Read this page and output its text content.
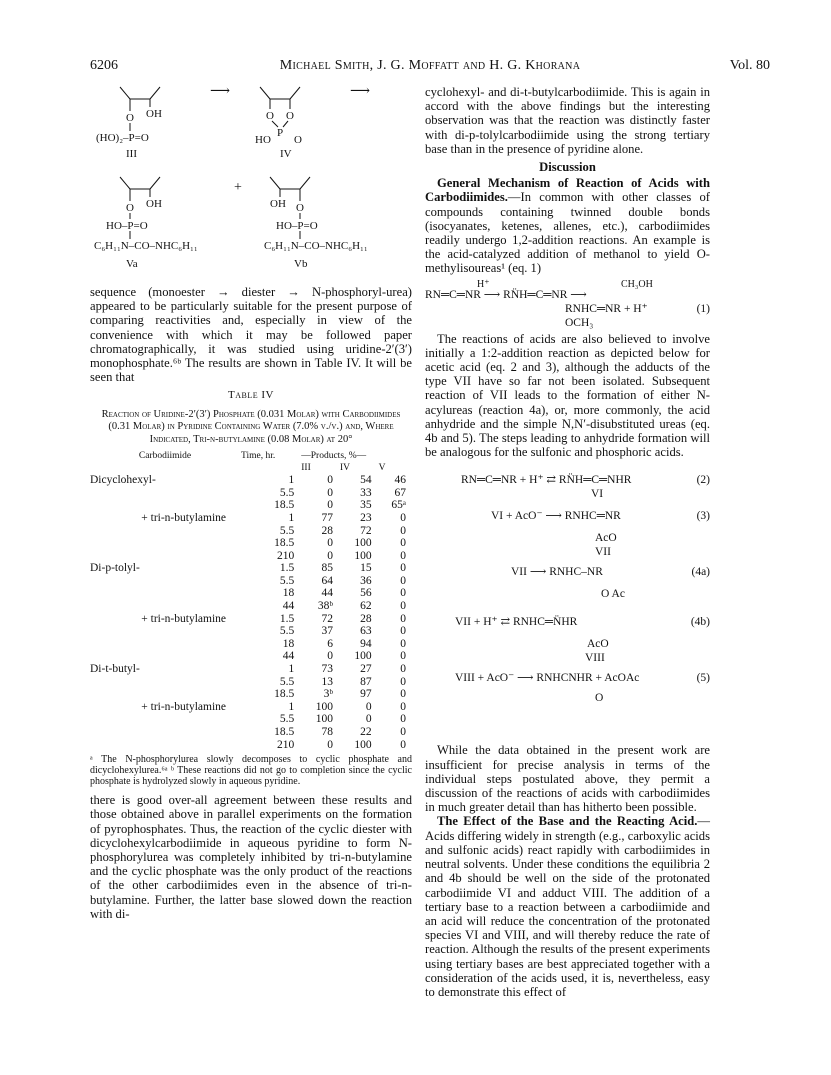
6206	Michael Smith, J. G. Moffatt and H. G. Khorana	Vol. 80
O OH
(HO)₂–P=O
III
⟶
O O
P
HO O
IV
⟶
+
O OH
HO–P=O
C₆H₁₁N–CO–NHC₆H₁₁
Va
OH O
HO–P=O
C₆H₁₁N–CO–NHC₆H₁₁
Vb

sequence (monoester → diester → N-phosphoryl-urea) appeared to be particularly suitable for the present purpose of comparing reactivities and, especially in view of the convenience with which it may be followed paper chromatographically, it was studied using uridine-2′(3′) monophosphate.⁶ᵇ The results are shown in Table IV. It will be seen that

Table IV
Reaction of Uridine-2′(3′) Phosphate (0.031 Molar) with Carbodiimides (0.31 Molar) in Pyridine Containing Water (7.0% v./v.) and, Where Indicated, Tri-n-butylamine (0.08 Molar) at 20°
Carbodiimide	Time, hr.	—Products, %—		
		III	IV	V
Dicyclohexyl-	1	0	54	46
	5.5	0	33	67
	18.5	0	35	65ᵃ
+ tri-n-butylamine	1	77	23	0
	5.5	28	72	0
	18.5	0	100	0
	210	0	100	0
Di-p-tolyl-	1.5	85	15	0
	5.5	64	36	0
	18	44	56	0
	44	38ᵇ	62	0
+ tri-n-butylamine	1.5	72	28	0
	5.5	37	63	0
	18	6	94	0
	44	0	100	0
Di-t-butyl-	1	73	27	0
	5.5	13	87	0
	18.5	3ᵇ	97	0
+ tri-n-butylamine	1	100	0	0
	5.5	100	0	0
	18.5	78	22	0
	210	0	100	0
ᵃ The N-phosphorylurea slowly decomposes to cyclic phosphate and dicyclohexylurea.⁶ᵃ ᵇ These reactions did not go to completion since the cyclic phosphate is hydrolyzed slowly in aqueous pyridine.

there is good over-all agreement between these results and those obtained above in parallel experiments on the formation of pyrophosphates. Thus, the reaction of the cyclic diester with dicyclohexylcarbodiimide in aqueous pyridine to form N-phosphorylurea was completely inhibited by tri-n-butylamine and the cyclic phosphate was the only product of the reactions of the other carbodiimides even in the absence of tri-n-butylamine. Further, the latter base slowed down the reaction with di-

cyclohexyl- and di-t-butylcarbodiimide. This is again in accord with the above findings but the interesting observation was that the reaction was distinctly faster with di-p-tolylcarbodiimide using the strong tertiary base than in the presence of pyridine alone.

Discussion

General Mechanism of Reaction of Acids with Carbodiimides.—In common with other classes of compounds containing twinned double bonds (isocyanates, ketenes, allenes, etc.), carbodiimides readily undergo 1,2-addition reactions. An example is the acid-catalyzed addition of methanol to yield O-methylisoureas¹ (eq. 1)

H⁺	CH₃OH
RN═C═NR ⟶ RN̈H═C═NR ⟶
RNHC═NR + H⁺
OCH₃
(1)

The reactions of acids are also believed to involve initially a 1:2-addition reaction as depicted below for acetic acid (eq. 2 and 3), although the adducts of the type VII have so far not been isolated. Subsequent reaction of VII leads to the formation of either N-acylureas (reaction 4a), or, more commonly, the acid anhydride and the simple N,N′-disubstituted ureas (eq. 4b and 5). The steps leading to anhydride formation will be analogous for the sulfonic and phosphoric acids.

RN═C═NR + H⁺ ⇄ RN̈H═C═NHR	(2)
VI
VI + AcO⁻ ⟶ RNHC═NR	(3)
AcO
VII
VII ⟶ RNHC–NR	(4a)
O Ac
VII + H⁺ ⇄ RNHC═N̈HR	(4b)
AcO
VIII
VIII + AcO⁻ ⟶ RNHCNHR + AcOAc	(5)
O

While the data obtained in the present work are insufficient for precise analysis in terms of the individual steps postulated above, they permit a discussion of the reactions of acids with carbodiimides in much greater detail than has hitherto been possible.

The Effect of the Base and the Reacting Acid.—Acids differing widely in strength (e.g., carboxylic acids and sulfonic acids) react rapidly with carbodiimides in neutral solvents. Under these conditions the equilibria 2 and 4b should be well on the side of the protonated carbodiimide VI and adduct VIII. The addition of a tertiary base to a reaction between a carbodiimide and an acid will reduce the concentration of the protonated species VI and VIII, and will thereby reduce the rate of reaction. Although the results of the present experiments using tertiary bases are best appreciated together with a consideration of the acids used, it is, nevertheless, easy to demonstrate this effect of
